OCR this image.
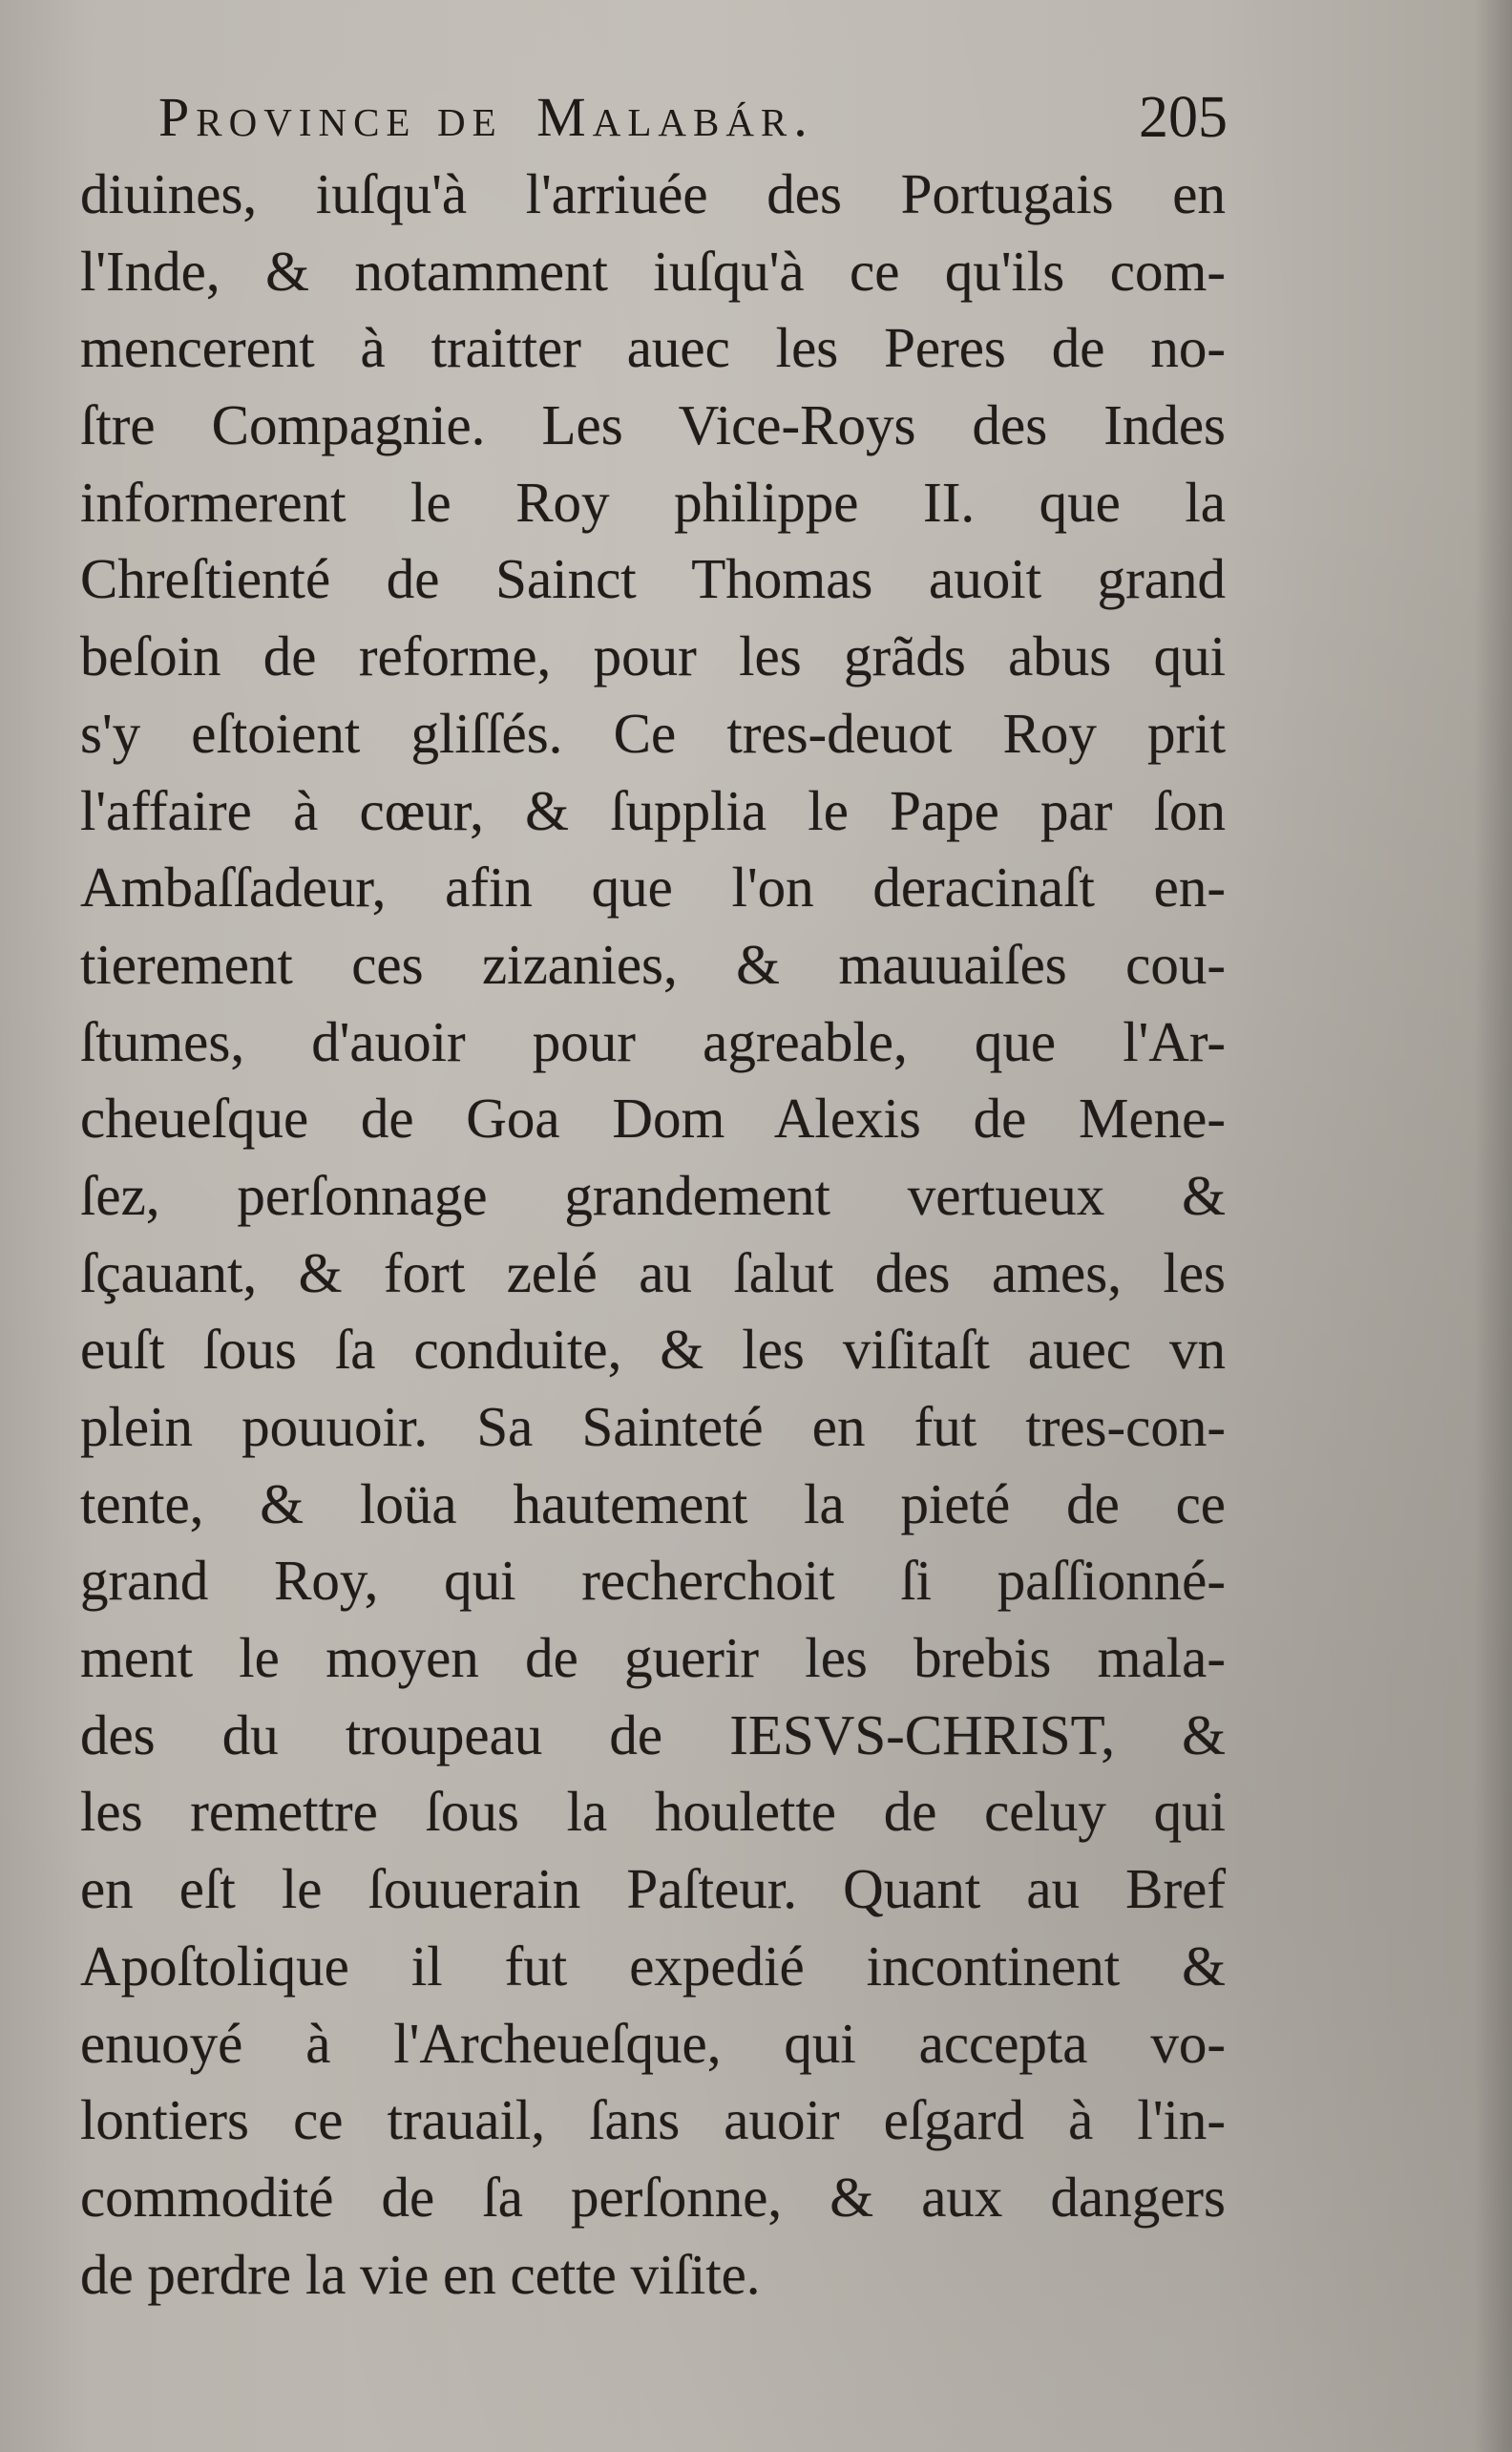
Province de Malabár.	205
diuines, iuſqu'à l'arriuée des Portugais en
l'Inde, & notamment iuſqu'à ce qu'ils com-
mencerent à traitter auec les Peres de no-
ſtre Compagnie. Les Vice-Roys des Indes
informerent le Roy philippe II. que la
Chreſtienté de Sainct Thomas auoit grand
beſoin de reforme, pour les grãds abus qui
s'y eſtoient gliſſés. Ce tres-deuot Roy prit
l'affaire à cœur, & ſupplia le Pape par ſon
Ambaſſadeur, afin que l'on deracinaſt en-
tierement ces zizanies, & mauuaiſes cou-
ſtumes, d'auoir pour agreable, que l'Ar-
cheueſque de Goa Dom Alexis de Mene-
ſez, perſonnage grandement vertueux &
ſçauant, & fort zelé au ſalut des ames, les
euſt ſous ſa conduite, & les viſitaſt auec vn
plein pouuoir. Sa Sainteté en fut tres-con-
tente, & loüa hautement la pieté de ce
grand Roy, qui recherchoit ſi paſſionné-
ment le moyen de guerir les brebis mala-
des du troupeau de IESVS-CHRIST, &
les remettre ſous la houlette de celuy qui
en eſt le ſouuerain Paſteur. Quant au Bref
Apoſtolique il fut expedié incontinent &
enuoyé à l'Archeueſque, qui accepta vo-
lontiers ce trauail, ſans auoir eſgard à l'in-
commodité de ſa perſonne, & aux dangers
de perdre la vie en cette viſite.
